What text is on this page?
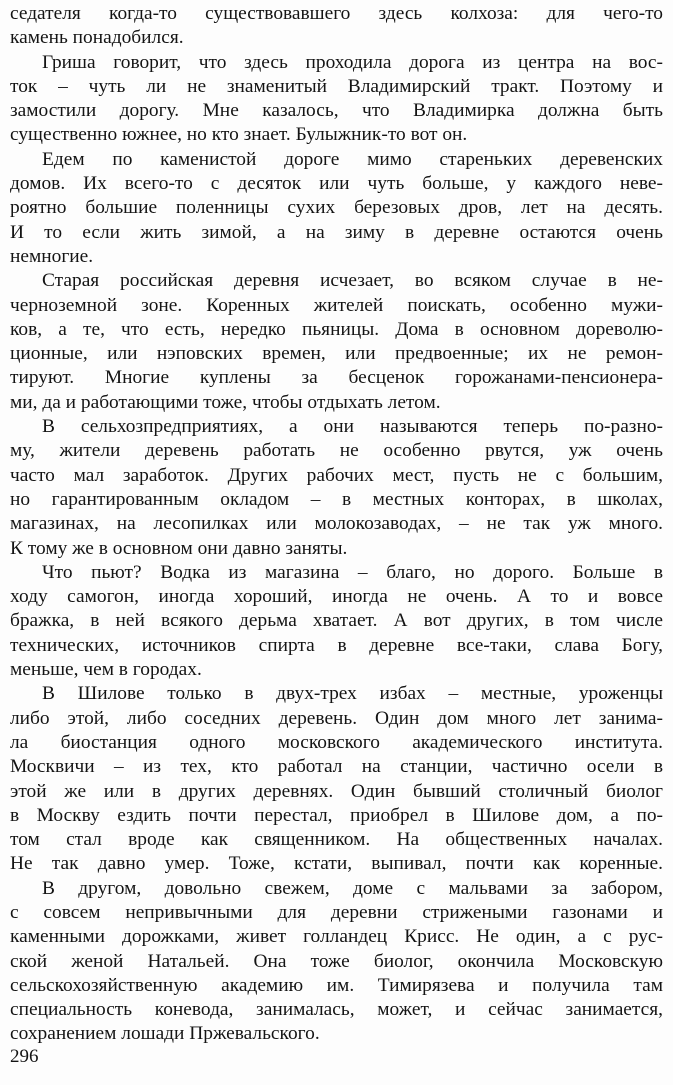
седателя когда-то существовавшего здесь колхоза: для чего-то
камень понадобился.
Гриша говорит, что здесь проходила дорога из центра на вос-
ток – чуть ли не знаменитый Владимирский тракт. Поэтому и
замостили дорогу. Мне казалось, что Владимирка должна быть
существенно южнее, но кто знает. Булыжник-то вот он.
Едем по каменистой дороге мимо стареньких деревенских
домов. Их всего-то с десяток или чуть больше, у каждого неве-
роятно большие поленницы сухих березовых дров, лет на десять.
И то если жить зимой, а на зиму в деревне остаются очень
немногие.
Старая российская деревня исчезает, во всяком случае в не-
черноземной зоне. Коренных жителей поискать, особенно мужи-
ков, а те, что есть, нередко пьяницы. Дома в основном дореволю-
ционные, или нэповских времен, или предвоенные; их не ремон-
тируют. Многие куплены за бесценок горожанами-пенсионера-
ми, да и работающими тоже, чтобы отдыхать летом.
В сельхозпредприятиях, а они называются теперь по-разно-
му, жители деревень работать не особенно рвутся, уж очень
часто мал заработок. Других рабочих мест, пусть не с большим,
но гарантированным окладом – в местных конторах, в школах,
магазинах, на лесопилках или молокозаводах, – не так уж много.
К тому же в основном они давно заняты.
Что пьют? Водка из магазина – благо, но дорого. Больше в
ходу самогон, иногда хороший, иногда не очень. А то и вовсе
бражка, в ней всякого дерьма хватает. А вот других, в том числе
технических, источников спирта в деревне все-таки, слава Богу,
меньше, чем в городах.
В Шилове только в двух-трех избах – местные, уроженцы
либо этой, либо соседних деревень. Один дом много лет занима-
ла биостанция одного московского академического института.
Москвичи – из тех, кто работал на станции, частично осели в
этой же или в других деревнях. Один бывший столичный биолог
в Москву ездить почти перестал, приобрел в Шилове дом, а по-
том стал вроде как священником. На общественных началах.
Не так давно умер. Тоже, кстати, выпивал, почти как коренные.
В другом, довольно свежем, доме с мальвами за забором,
с совсем непривычными для деревни стрижеными газонами и
каменными дорожками, живет голландец Крисс. Не один, а с рус-
ской женой Натальей. Она тоже биолог, окончила Московскую
сельскохозяйственную академию им. Тимирязева и получила там
специальность коневода, занималась, может, и сейчас занимается,
сохранением лошади Пржевальского.
296
